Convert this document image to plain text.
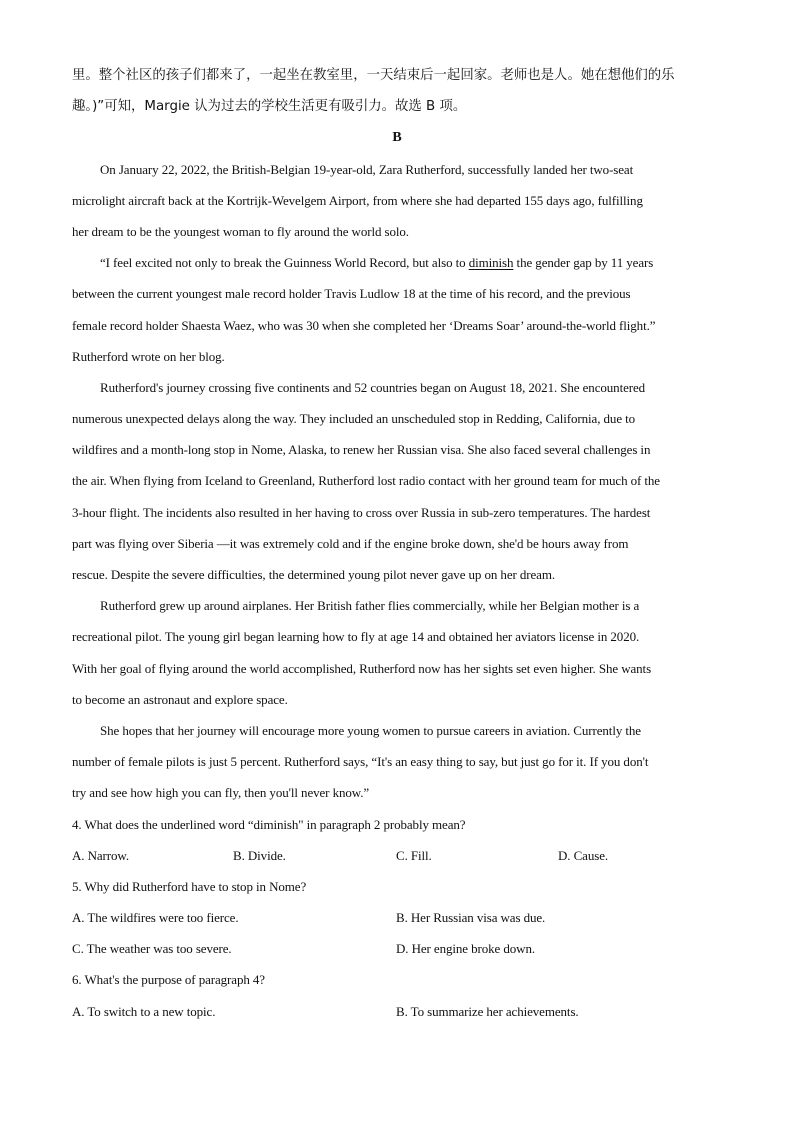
里。整个社区的孩子们都来了，一起坐在教室里，一天结束后一起回家。老师也是人。她在想他们的乐
趣。)”可知，Margie 认为过去的学校生活更有吸引力。故选 B 项。
B
On January 22, 2022, the British-Belgian 19-year-old, Zara Rutherford, successfully landed her two-seat
microlight aircraft back at the Kortrijk-Wevelgem Airport, from where she had departed 155 days ago, fulfilling
her dream to be the youngest woman to fly around the world solo.
“I feel excited not only to break the Guinness World Record, but also to diminish the gender gap by 11 years
between the current youngest male record holder Travis Ludlow 18 at the time of his record, and the previous
female record holder Shaesta Waez, who was 30 when she completed her ‘Dreams Soar’ around-the-world flight.”
Rutherford wrote on her blog.
Rutherford's journey crossing five continents and 52 countries began on August 18, 2021. She encountered
numerous unexpected delays along the way. They included an unscheduled stop in Redding, California, due to
wildfires and a month-long stop in Nome, Alaska, to renew her Russian visa. She also faced several challenges in
the air. When flying from Iceland to Greenland, Rutherford lost radio contact with her ground team for much of the
3-hour flight. The incidents also resulted in her having to cross over Russia in sub-zero temperatures. The hardest
part was flying over Siberia —it was extremely cold and if the engine broke down, she'd be hours away from
rescue. Despite the severe difficulties, the determined young pilot never gave up on her dream.
Rutherford grew up around airplanes. Her British father flies commercially, while her Belgian mother is a
recreational pilot. The young girl began learning how to fly at age 14 and obtained her aviators license in 2020.
With her goal of flying around the world accomplished, Rutherford now has her sights set even higher. She wants
to become an astronaut and explore space.
She hopes that her journey will encourage more young women to pursue careers in aviation. Currently the
number of female pilots is just 5 percent. Rutherford says, “It's an easy thing to say, but just go for it. If you don't
try and see how high you can fly, then you'll never know.”
4. What does the underlined word “diminish" in paragraph 2 probably mean?
A. Narrow.	B. Divide.	C. Fill.	D. Cause.
5. Why did Rutherford have to stop in Nome?
A. The wildfires were too fierce.	B. Her Russian visa was due.
C. The weather was too severe.	D. Her engine broke down.
6. What's the purpose of paragraph 4?
A. To switch to a new topic.	B. To summarize her achievements.
